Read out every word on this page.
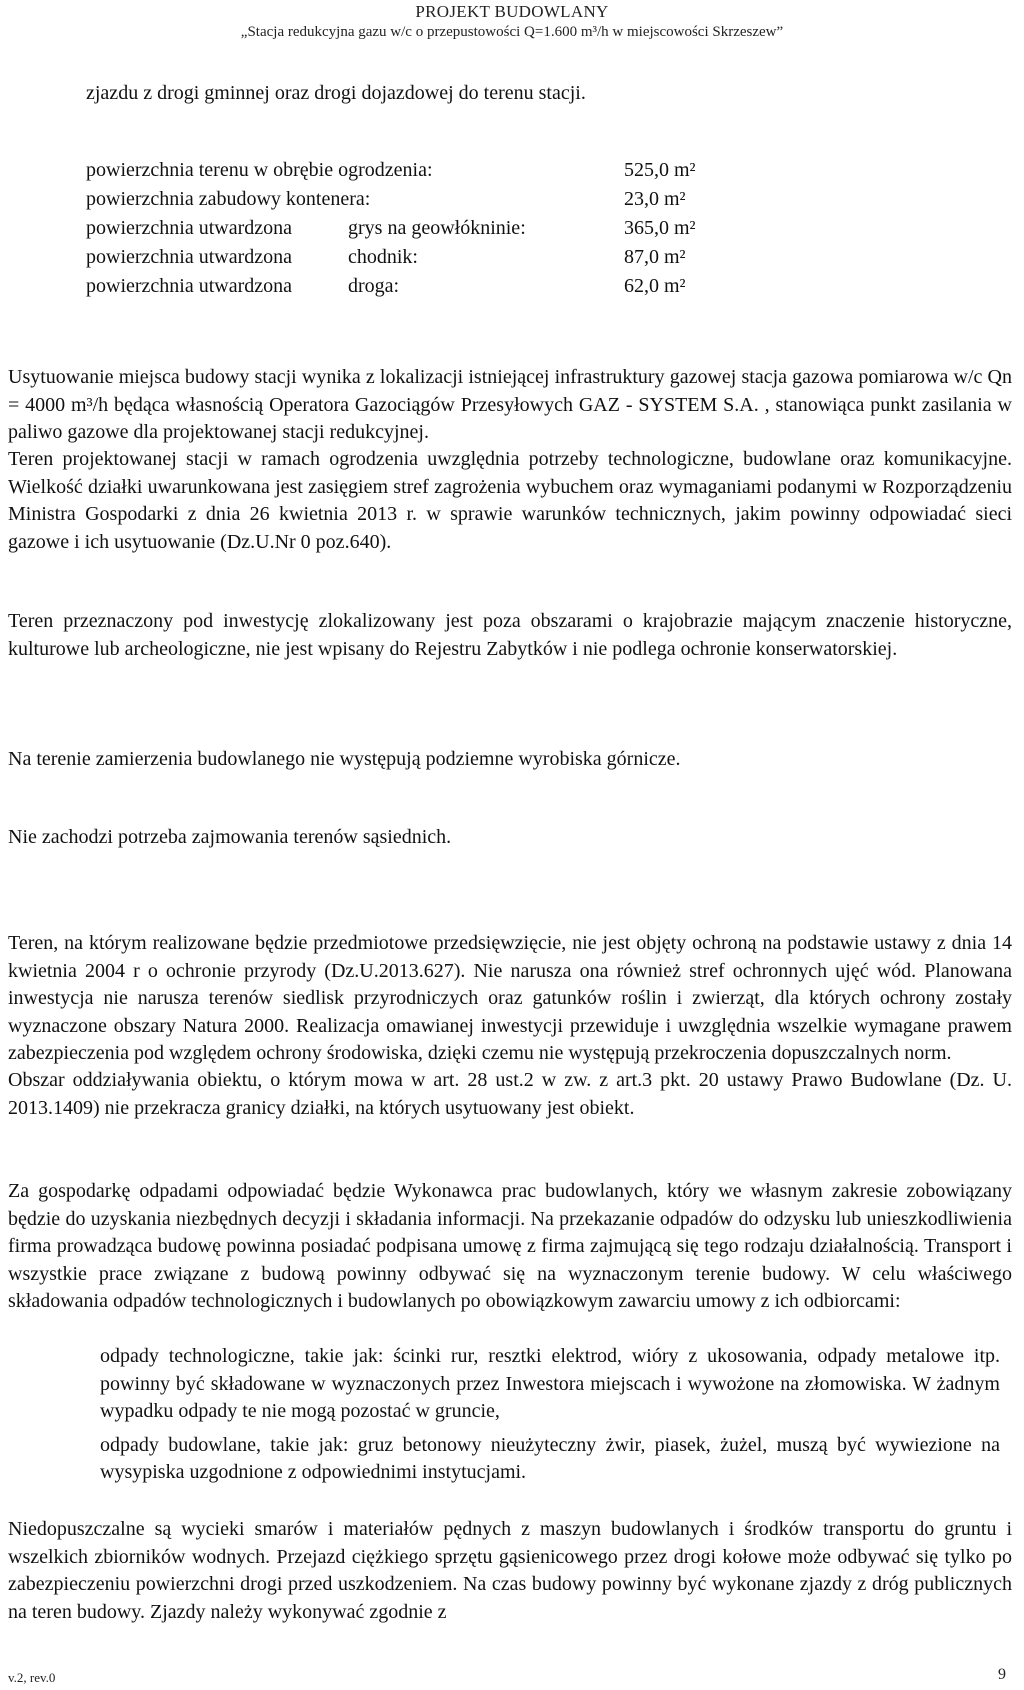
PROJEKT BUDOWLANY
„Stacja redukcyjna gazu w/c o przepustowości Q=1.600 m³/h w miejscowości Skrzeszew”
zjazdu z drogi gminnej oraz drogi dojazdowej do terenu stacji.
powierzchnia terenu w obrębie ogrodzenia:	525,0 m²
powierzchnia zabudowy kontenera:	23,0 m²
powierzchnia utwardzona	grys na geowłókninie:	365,0 m²
powierzchnia utwardzona	chodnik:	87,0 m²
powierzchnia utwardzona	droga:	62,0 m²

Usytuowanie miejsca budowy stacji wynika z lokalizacji istniejącej infrastruktury gazowej stacja gazowa pomiarowa w/c Qn = 4000 m³/h będąca własnością Operatora Gazociągów Przesyłowych GAZ - SYSTEM S.A. , stanowiąca punkt zasilania w paliwo gazowe dla projektowanej stacji redukcyjnej.

Teren projektowanej stacji w ramach ogrodzenia uwzględnia potrzeby technologiczne, budowlane oraz komunikacyjne. Wielkość działki uwarunkowana jest zasięgiem stref zagrożenia wybuchem oraz wymaganiami podanymi w Rozporządzeniu Ministra Gospodarki z dnia 26 kwietnia 2013 r. w sprawie warunków technicznych, jakim powinny odpowiadać sieci gazowe i ich usytuowanie (Dz.U.Nr 0 poz.640).

Teren przeznaczony pod inwestycję zlokalizowany jest poza obszarami o krajobrazie mającym znaczenie historyczne, kulturowe lub archeologiczne, nie jest wpisany do Rejestru Zabytków i nie podlega ochronie konserwatorskiej.

Na terenie zamierzenia budowlanego nie występują podziemne wyrobiska górnicze.

Nie zachodzi potrzeba zajmowania terenów sąsiednich.

Teren, na którym realizowane będzie przedmiotowe przedsięwzięcie, nie jest objęty ochroną na podstawie ustawy z dnia 14 kwietnia 2004 r o ochronie przyrody (Dz.U.2013.627). Nie narusza ona również stref ochronnych ujęć wód. Planowana inwestycja nie narusza terenów siedlisk przyrodniczych oraz gatunków roślin i zwierząt, dla których ochrony zostały wyznaczone obszary Natura 2000. Realizacja omawianej inwestycji przewiduje i uwzględnia wszelkie wymagane prawem zabezpieczenia pod względem ochrony środowiska, dzięki czemu nie występują przekroczenia dopuszczalnych norm.

Obszar oddziaływania obiektu, o którym mowa w art. 28 ust.2 w zw. z art.3 pkt. 20 ustawy Prawo Budowlane (Dz. U. 2013.1409) nie przekracza granicy działki, na których usytuowany jest obiekt.

Za gospodarkę odpadami odpowiadać będzie Wykonawca prac budowlanych, który we własnym zakresie zobowiązany będzie do uzyskania niezbędnych decyzji i składania informacji. Na przekazanie odpadów do odzysku lub unieszkodliwienia firma prowadząca budowę powinna posiadać podpisana umowę z firma zajmującą się tego rodzaju działalnością. Transport i wszystkie prace związane z budową powinny odbywać się na wyznaczonym terenie budowy. W celu właściwego składowania odpadów technologicznych i budowlanych po obowiązkowym zawarciu umowy z ich odbiorcami:

odpady technologiczne, takie jak: ścinki rur, resztki elektrod, wióry z ukosowania, odpady metalowe itp. powinny być składowane w wyznaczonych przez Inwestora miejscach i wywożone na złomowiska. W żadnym wypadku odpady te nie mogą pozostać w gruncie,
odpady budowlane, takie jak: gruz betonowy nieużyteczny żwir, piasek, żużel, muszą być wywiezione na wysypiska uzgodnione z odpowiednimi instytucjami.

Niedopuszczalne są wycieki smarów i materiałów pędnych z maszyn budowlanych i środków transportu do gruntu i wszelkich zbiorników wodnych. Przejazd ciężkiego sprzętu gąsienicowego przez drogi kołowe może odbywać się tylko po zabezpieczeniu powierzchni drogi przed uszkodzeniem. Na czas budowy powinny być wykonane zjazdy z dróg publicznych na teren budowy. Zjazdy należy wykonywać zgodnie z

v.2, rev.0	9
